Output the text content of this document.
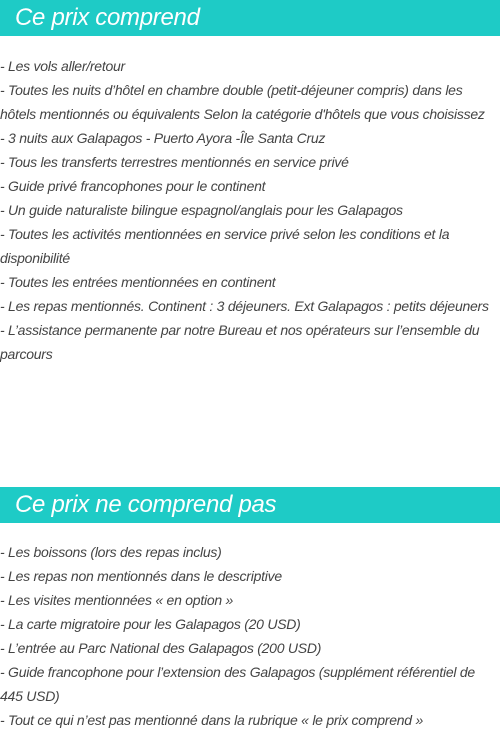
Ce prix comprend
- Les vols aller/retour
- Toutes les nuits d’hôtel en chambre double (petit-déjeuner compris) dans les hôtels mentionnés ou équivalents Selon la catégorie d'hôtels que vous choisissez
- 3 nuits aux Galapagos - Puerto Ayora -Île Santa Cruz
- Tous les transferts terrestres mentionnés en service privé
- Guide privé francophones pour le continent
- Un guide naturaliste bilingue espagnol/anglais pour les Galapagos
- Toutes les activités mentionnées en service privé selon les conditions et la disponibilité
- Toutes les entrées mentionnées en continent
- Les repas mentionnés. Continent : 3 déjeuners. Ext Galapagos : petits déjeuners
- L’assistance permanente par notre Bureau et nos opérateurs sur l’ensemble du parcours
Ce prix ne comprend pas
- Les boissons (lors des repas inclus)
- Les repas non mentionnés dans le descriptive
- Les visites mentionnées « en option »
- La carte migratoire pour les Galapagos (20 USD)
- L’entrée au Parc National des Galapagos (200 USD)
- Guide francophone pour l’extension des Galapagos (supplément référentiel de 445 USD)
- Tout ce qui n’est pas mentionné dans la rubrique « le prix comprend »
